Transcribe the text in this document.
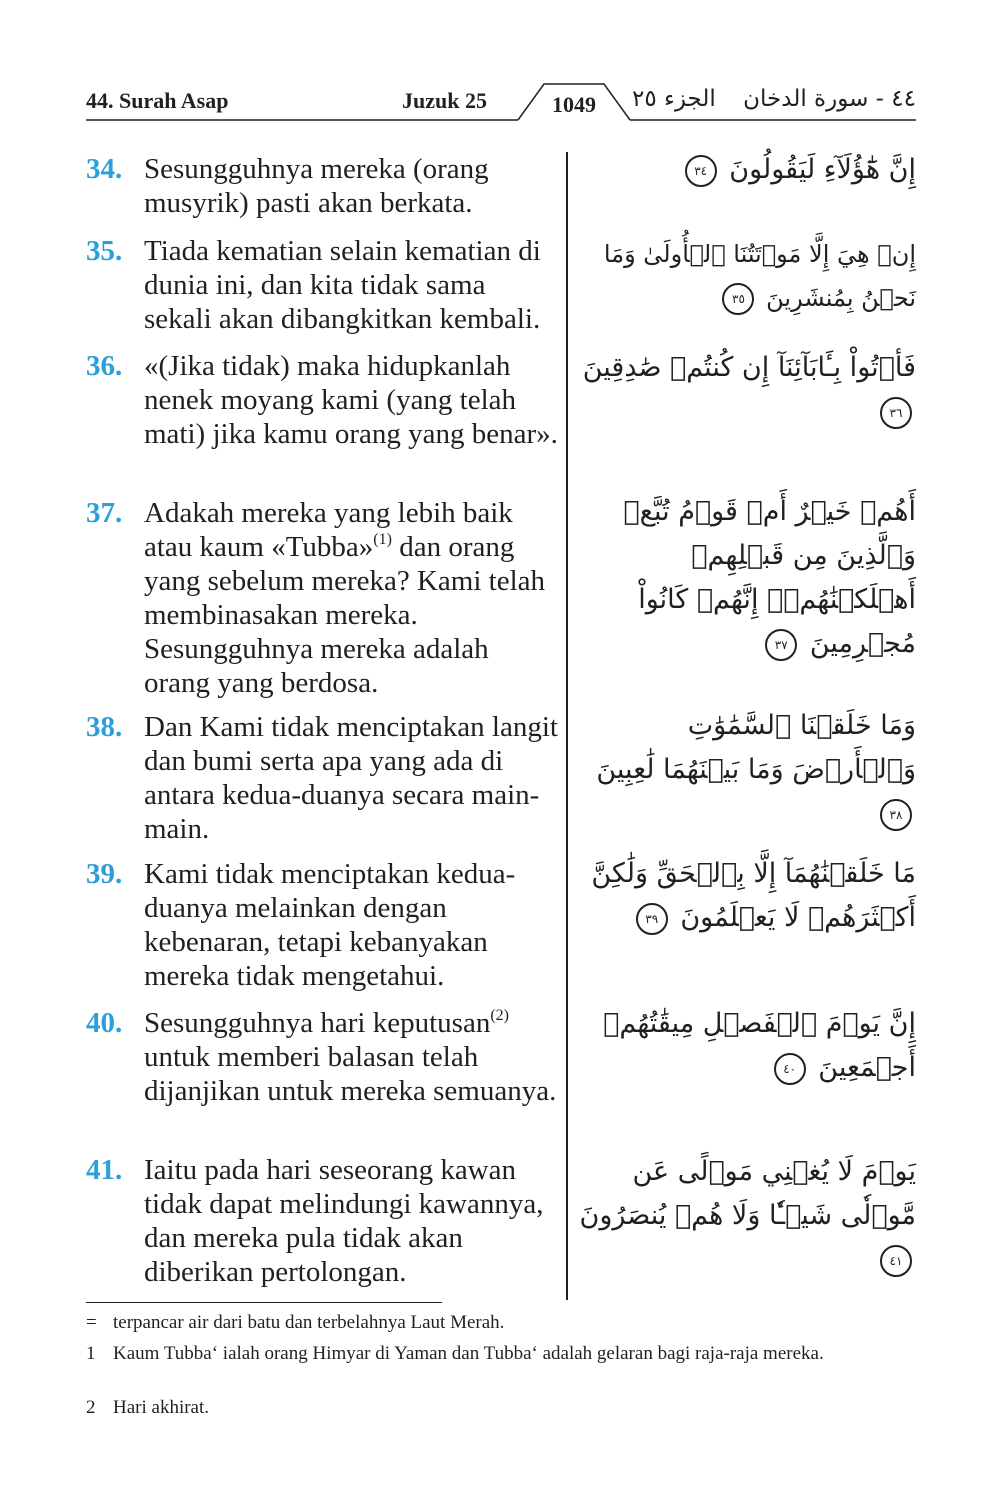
44. Surah Asap	Juzuk 25	1049	الجزء ٢٥ ٤٤ - سورة الدخان
34. Sesungguhnya mereka (orang musyrik) pasti akan berkata.
إِنَّ هَٰٓؤُلَآءِ لَيَقُولُونَ ٣٤
35. Tiada kematian selain kematian di dunia ini, dan kita tidak sama sekali akan dibangkitkan kembali.
إِنۡ هِيَ إِلَّا مَوۡتَتُنَا ٱلۡأُولَىٰ وَمَا نَحۡنُ بِمُنشَرِينَ ٣٥
36. «(Jika tidak) maka hidupkanlah nenek moyang kami (yang telah mati) jika kamu orang yang benar».
فَأۡتُواْ بِـَٔابَآئِنَآ إِن كُنتُمۡ صَٰدِقِينَ ٣٦
37. Adakah mereka yang lebih baik atau kaum «Tubba»$^{(1)}$ dan orang yang sebelum mereka? Kami telah membinasakan mereka. Sesungguhnya mereka adalah orang yang berdosa.
أَهُمۡ خَيۡرٌ أَمۡ قَوۡمُ تُبَّعٖ وَٱلَّذِينَ مِن قَبۡلِهِمۡ أَهۡلَكۡنَٰهُمۡۖ إِنَّهُمۡ كَانُواْ مُجۡرِمِينَ ٣٧
38. Dan Kami tidak menciptakan langit dan bumi serta apa yang ada di antara kedua-duanya secara main-main.
وَمَا خَلَقۡنَا ٱلسَّمَٰوَٰتِ وَٱلۡأَرۡضَ وَمَا بَيۡنَهُمَا لَٰعِبِينَ ٣٨
39. Kami tidak menciptakan kedua-duanya melainkan dengan kebenaran, tetapi kebanyakan mereka tidak mengetahui.
مَا خَلَقۡنَٰهُمَآ إِلَّا بِٱلۡحَقِّ وَلَٰكِنَّ أَكۡثَرَهُمۡ لَا يَعۡلَمُونَ ٣٩
40. Sesungguhnya hari keputusan$^{(2)}$ untuk memberi balasan telah dijanjikan untuk mereka semuanya.
إِنَّ يَوۡمَ ٱلۡفَصۡلِ مِيقَٰتُهُمۡ أَجۡمَعِينَ ٤٠
41. Iaitu pada hari seseorang kawan tidak dapat melindungi kawannya, dan mereka pula tidak akan diberikan pertolongan.
يَوۡمَ لَا يُغۡنِي مَوۡلًى عَن مَّوۡلٗى شَيۡـٔٗا وَلَا هُمۡ يُنصَرُونَ ٤١
= terpancar air dari batu dan terbelahnya Laut Merah.
1 Kaum Tubba‘ ialah orang Himyar di Yaman dan Tubba‘ adalah gelaran bagi raja-raja mereka.
2 Hari akhirat.
